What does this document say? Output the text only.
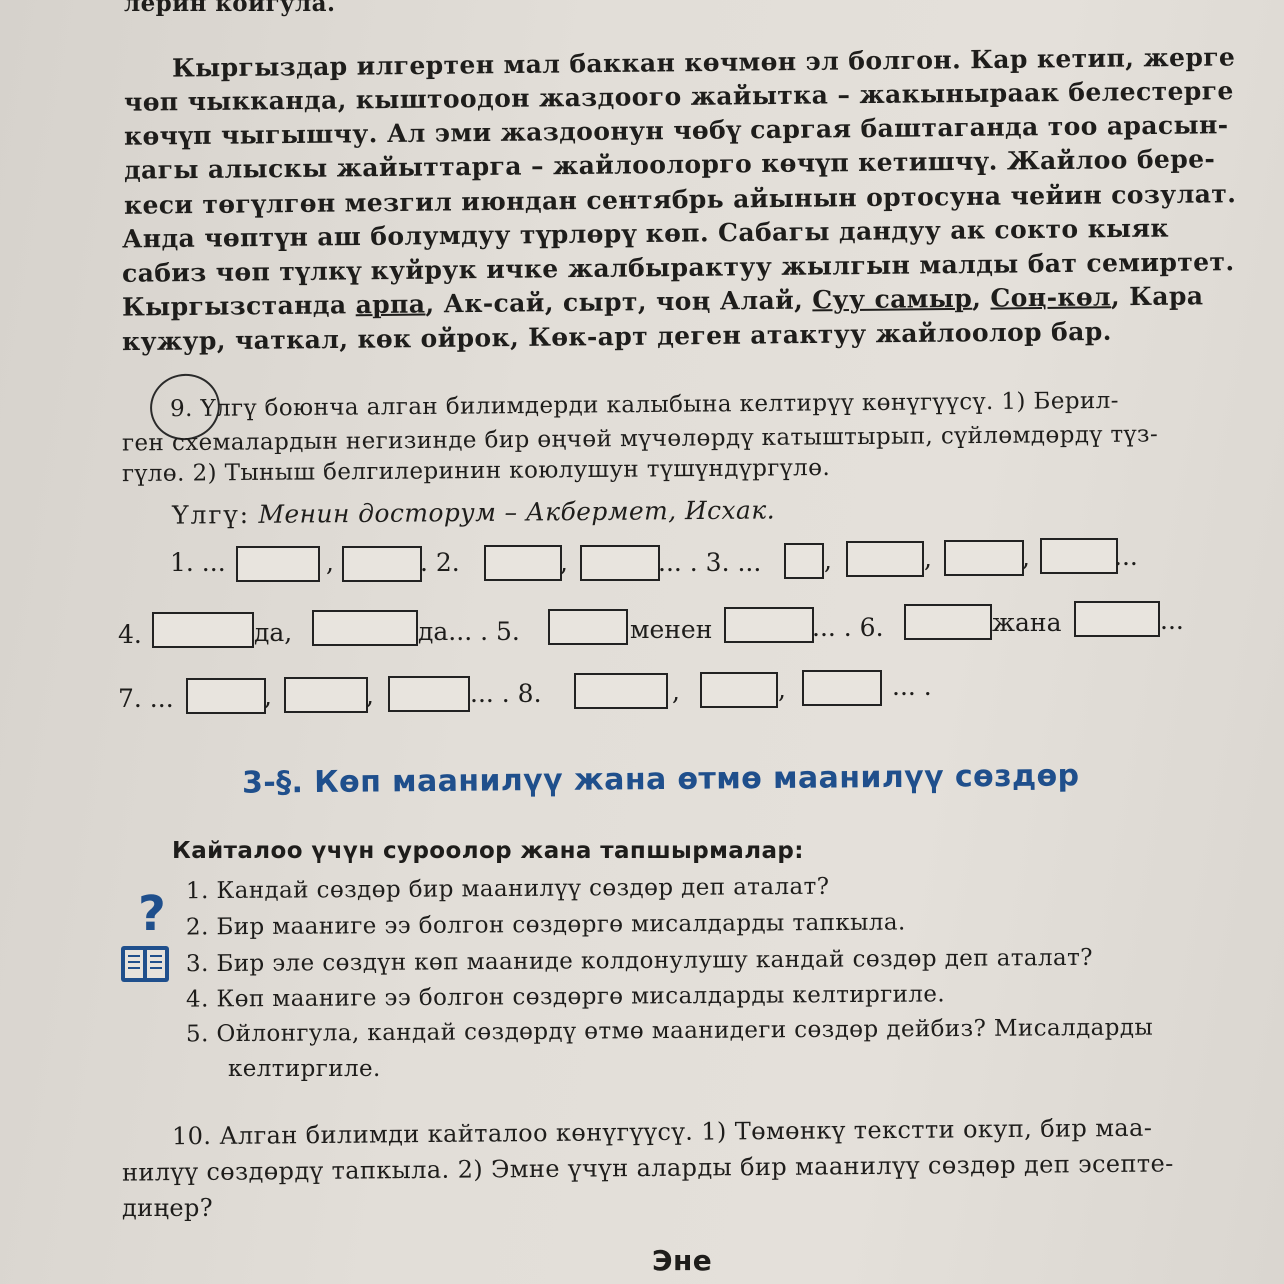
лерин коигула.
Кыргыздар илгертен мал баккан көчмөн эл болгон. Кар кетип, жерге
чөп чыкканда, кыштоодон жаздоого жайытка – жакыныраак белестерге
көчүп чыгышчу. Ал эми жаздоонун чөбү саргая баштаганда тоо арасын-
дагы алыскы жайыттарга – жайлоолорго көчүп кетишчү. Жайлоо бере-
кеси төгүлгөн мезгил июндан сентябрь айынын ортосуна чейин созулат.
Анда чөптүн аш болумдуу түрлөрү көп. Сабагы дандуу ак сокто кыяк
сабиз чөп түлкү куйрук ичке жалбырактуу жылгын малды бат семиртет.
Кыргызстанда арпа, Ак-сай, сырт, чоң Алай, Суу самыр, Соң-көл, Кара
кужур, чаткал, көк ойрок, Көк-арт деген атактуу жайлоолор бар.
9. Үлгү боюнча алган билимдерди калыбына келтирүү көнүгүүсү. 1) Берил-
ген схемалардын негизинде бир өңчөй мүчөлөрдү катыштырып, сүйлөмдөрдү түз-
гүлө. 2) Тыныш белгилеринин коюлушун түшүндүргүлө.
Үлгү: Менин досторум – Акбермет, Исхак.
1. ...	,	. 2.	,	... . 3. ...	,	,	,	...
4.	да,	да... . 5.	менен	... . 6.	жана	...
7. ...	,	,	... . 8.	,	,	... .
3-§. Көп маанилүү жана өтмө маанилүү сөздөр
Кайталоо үчүн суроолор жана тапшырмалар:
? 1. Кандай сөздөр бир маанилүү сөздөр деп аталат?
2. Бир мааниге ээ болгон сөздөргө мисалдарды тапкыла.
3. Бир эле сөздүн көп мааниде колдонулушу кандай сөздөр деп аталат?
4. Көп мааниге ээ болгон сөздөргө мисалдарды келтиргиле.
5. Ойлонгула, кандай сөздөрдү өтмө маанидеги сөздөр дейбиз? Мисалдарды
келтиргиле.
10. Алган билимди кайталоо көнүгүүсү. 1) Төмөнкү текстти окуп, бир маа-
нилүү сөздөрдү тапкыла. 2) Эмне үчүн аларды бир маанилүү сөздөр деп эсепте-
диңер?
Эне
